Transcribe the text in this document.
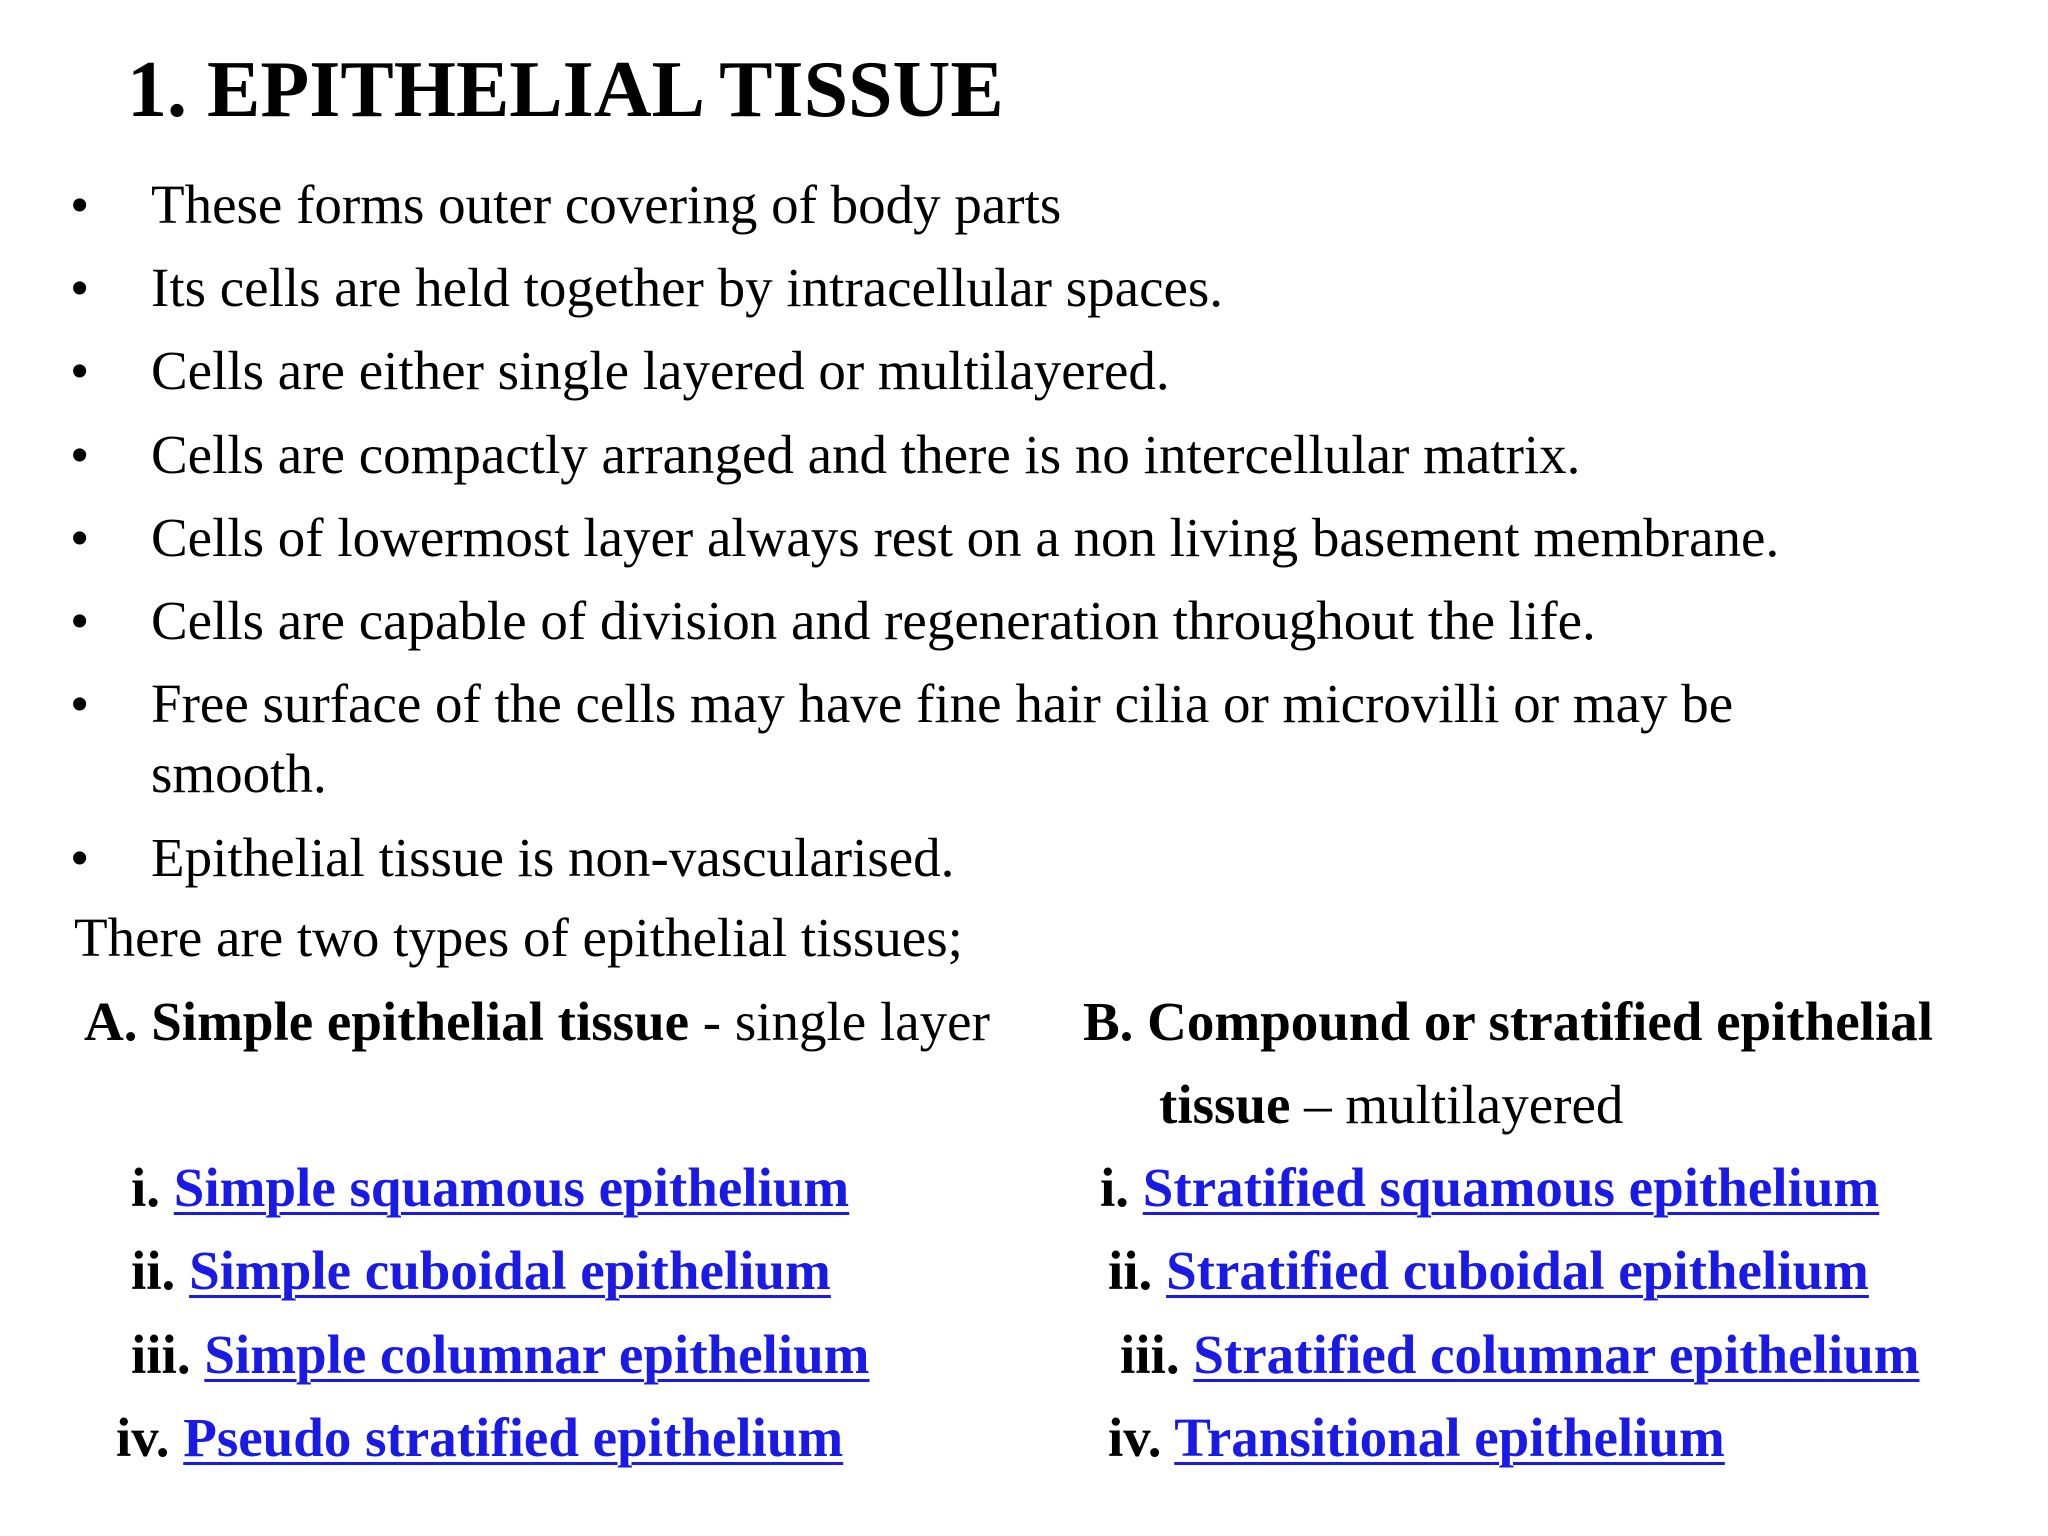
1. EPITHELIAL TISSUE
•	These forms outer covering of body parts
•	Its cells are held together by intracellular spaces.
•	Cells are either single layered or multilayered.
•	Cells are compactly arranged and there is no intercellular matrix.
•	Cells of lowermost layer always rest on a non living basement membrane.
•	Cells are capable of division and regeneration throughout the life.
•	Free surface of the cells may have fine hair cilia or microvilli or may be
smooth.
•	Epithelial tissue is non-vascularised.
There are two types of epithelial tissues;
A. Simple epithelial tissue - single layer B. Compound or stratified epithelial
tissue – multilayered
i. Simple squamous epithelium
ii. Simple cuboidal epithelium
iii. Simple columnar epithelium
iv. Pseudo stratified epithelium
i. Stratified squamous epithelium
ii. Stratified cuboidal epithelium
iii. Stratified columnar epithelium
iv. Transitional epithelium
